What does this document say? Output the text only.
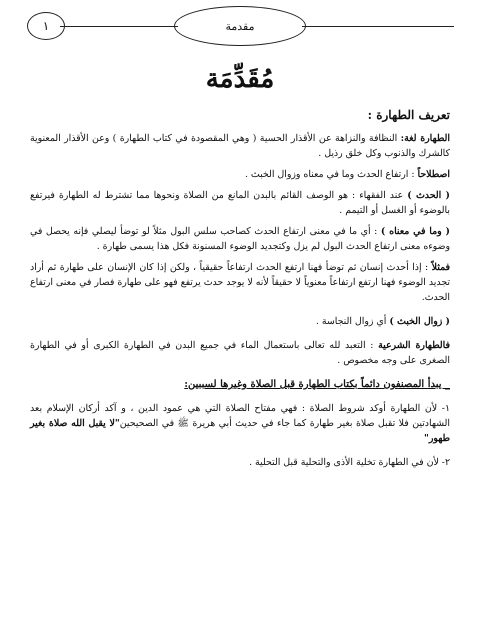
مقدمة
١
مُقَدِّمَة
تعريف الطهارة :

الطهارة لغة: النظافة والنزاهة عن الأقذار الحسية ( وهي المقصودة في كتاب الطهارة ) وعن الأقذار المعنوية كالشرك والذنوب وكل خلق رذيل .

اصطلاحاً : ارتفاع الحدث وما في معناه وزوال الخبث .

( الحدث ) عند الفقهاء : هو الوصف القائم بالبدن المانع من الصلاة ونحوها مما تشترط له الطهارة فيرتفع بالوضوء أو الغسل أو التيمم .

( وما في معناه ) : أي ما في معنى ارتفاع الحدث كصاحب سلس البول مثلاً لو توضأ ليصلي فإنه يحصل في وضوءه معنى ارتفاع الحدث البول لم يزل وكتجديد الوضوء المسنونة فكل هذا يسمى طهارة .

فمثلاً : إذا أحدث إنسان ثم توضأ فهنا ارتفع الحدث ارتفاعاً حقيقياً ، ولكن إذا كان الإنسان على طهارة ثم أراد تجديد الوضوء فهنا ارتفع ارتفاعاً معنوياً لا حقيقاً لأنه لا يوجد حدث يرتفع فهو على طهارة فصار في معنى ارتفاع الحدث.

( زوال الخبث ) أي زوال النجاسة .

فالطهارة الشرعية : التعبد لله تعالى باستعمال الماء في جميع البدن في الطهارة الكبرى أو في الطهارة الصغرى على وجه مخصوص .

_ يبدأ المصنفون دائماً بكتاب الطهارة قبل الصلاة وغيرها لسببين:

١- لأن الطهارة أوكد شروط الصلاة : فهي مفتاح الصلاة التي هي عمود الدين ، و آكد أركان الإسلام بعد الشهادتين فلا تقبل صلاة بغير طهارة كما جاء في حديث أبي هريرة ﷺ في الصحيحين"لا يقبل الله صلاة بغير طهور"

٢- لأن في الطهارة تخلية الأذى والتحلية قبل التحلية .
